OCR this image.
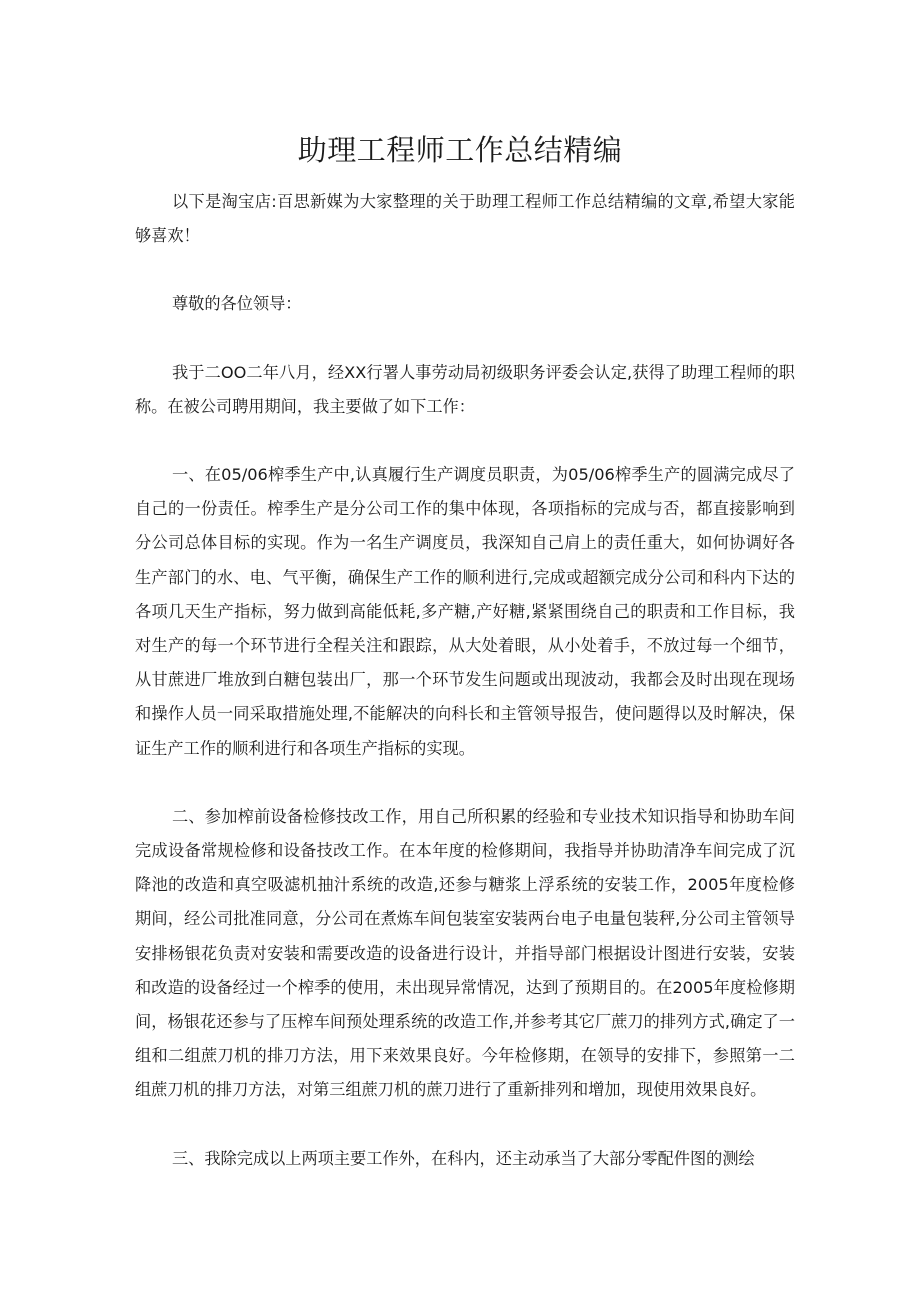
助理工程师工作总结精编

以下是淘宝店:百思新媒为大家整理的关于助理工程师工作总结精编的文章,希望大家能够喜欢！

尊敬的各位领导：

我于二OO二年八月，经XX行署人事劳动局初级职务评委会认定,获得了助理工程师的职称。在被公司聘用期间，我主要做了如下工作：

一、在05/06榨季生产中,认真履行生产调度员职责，为05/06榨季生产的圆满完成尽了自己的一份责任。榨季生产是分公司工作的集中体现，各项指标的完成与否，都直接影响到分公司总体目标的实现。作为一名生产调度员，我深知自己肩上的责任重大，如何协调好各生产部门的水、电、气平衡，确保生产工作的顺利进行,完成或超额完成分公司和科内下达的各项几天生产指标，努力做到高能低耗,多产糖,产好糖,紧紧围绕自己的职责和工作目标，我对生产的每一个环节进行全程关注和跟踪，从大处着眼，从小处着手，不放过每一个细节，从甘蔗进厂堆放到白糖包装出厂，那一个环节发生问题或出现波动，我都会及时出现在现场和操作人员一同采取措施处理,不能解决的向科长和主管领导报告，使问题得以及时解决，保证生产工作的顺利进行和各项生产指标的实现。

二、参加榨前设备检修技改工作，用自己所积累的经验和专业技术知识指导和协助车间完成设备常规检修和设备技改工作。在本年度的检修期间，我指导并协助清净车间完成了沉降池的改造和真空吸滤机抽汁系统的改造,还参与糖浆上浮系统的安装工作，2005年度检修期间，经公司批准同意，分公司在煮炼车间包装室安装两台电子电量包装秤,分公司主管领导安排杨银花负责对安装和需要改造的设备进行设计，并指导部门根据设计图进行安装，安装和改造的设备经过一个榨季的使用，未出现异常情况，达到了预期目的。在2005年度检修期间，杨银花还参与了压榨车间预处理系统的改造工作,并参考其它厂蔗刀的排列方式,确定了一组和二组蔗刀机的排刀方法，用下来效果良好。今年检修期，在领导的安排下，参照第一二组蔗刀机的排刀方法，对第三组蔗刀机的蔗刀进行了重新排列和增加，现使用效果良好。

三、我除完成以上两项主要工作外，在科内，还主动承当了大部分零配件图的测绘
